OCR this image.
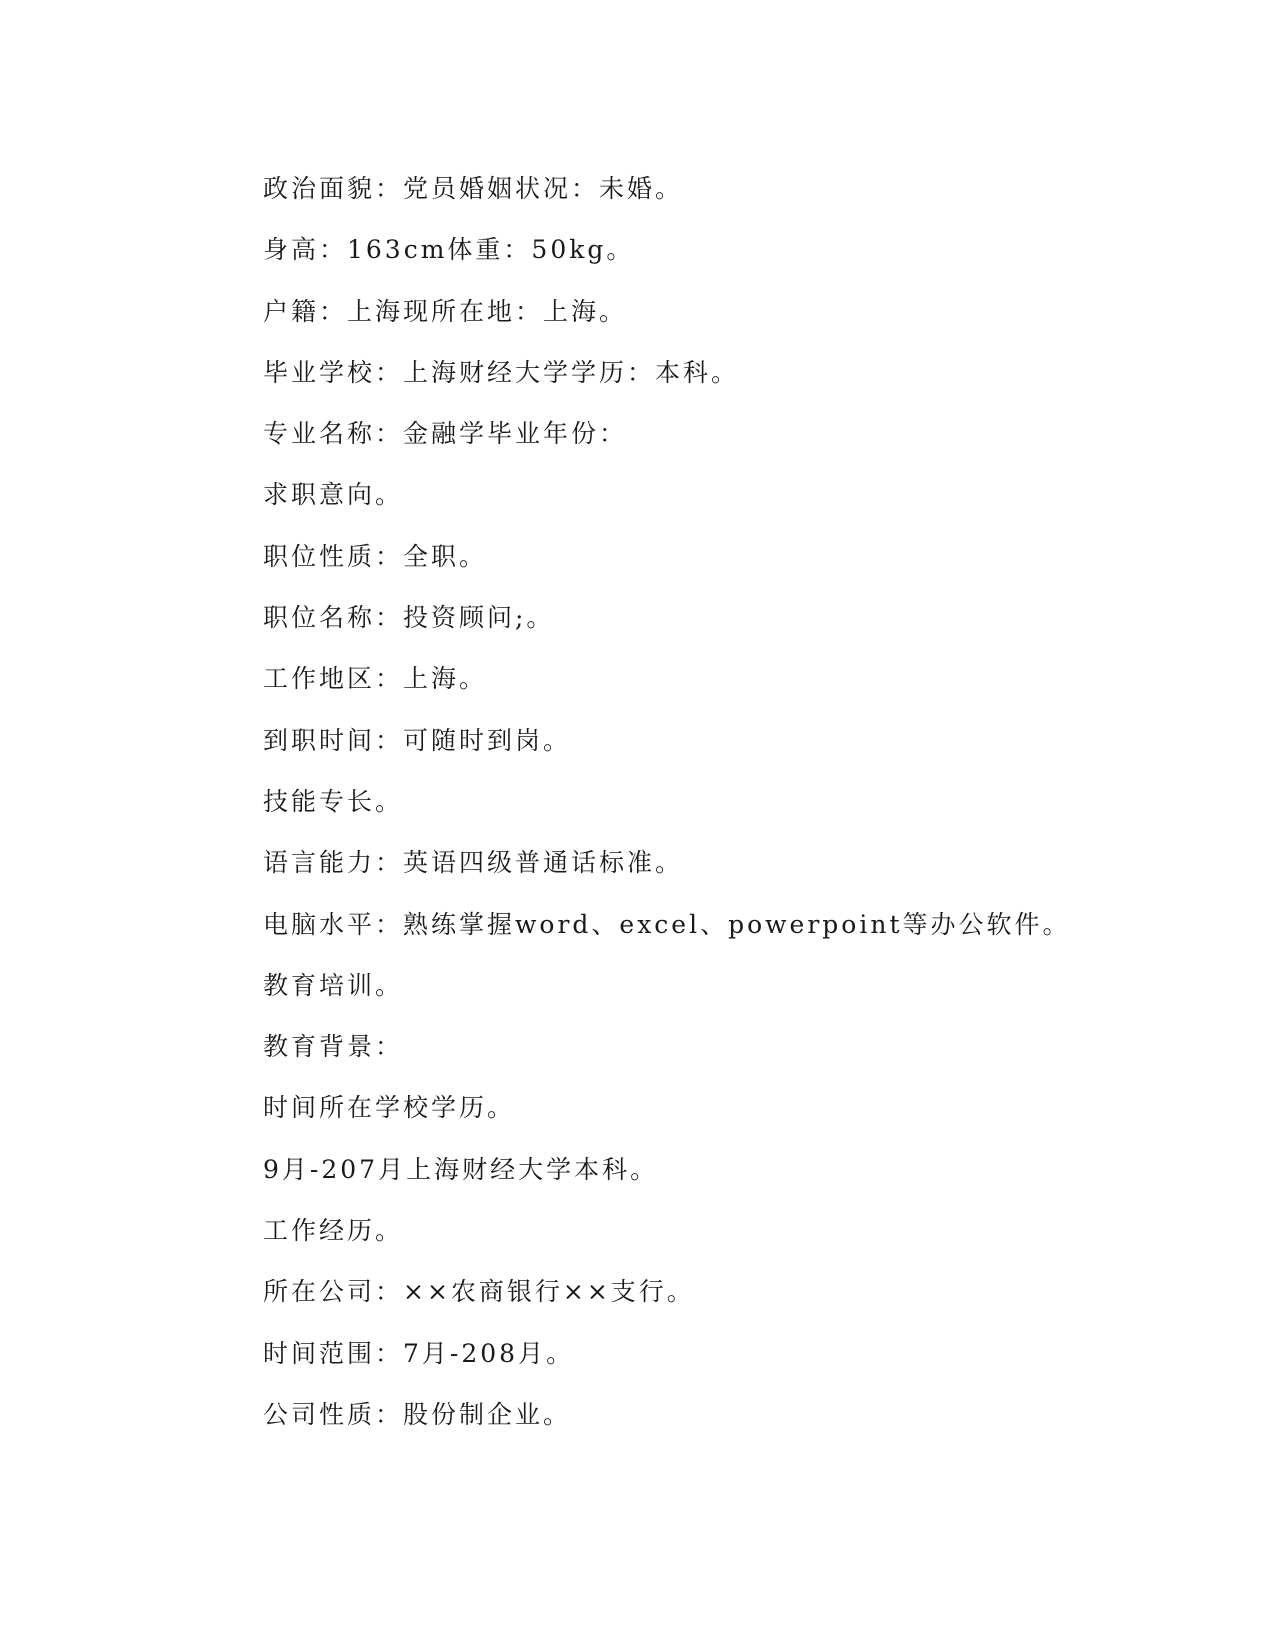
政治面貌：党员婚姻状况：未婚。
身高：163cm体重：50kg。
户籍：上海现所在地：上海。
毕业学校：上海财经大学学历：本科。
专业名称：金融学毕业年份：
求职意向。
职位性质：全职。
职位名称：投资顾问;。
工作地区：上海。
到职时间：可随时到岗。
技能专长。
语言能力：英语四级普通话标准。
电脑水平：熟练掌握word、excel、powerpoint等办公软件。
教育培训。
教育背景：
时间所在学校学历。
9月-207月上海财经大学本科。
工作经历。
所在公司：××农商银行××支行。
时间范围：7月-208月。
公司性质：股份制企业。
